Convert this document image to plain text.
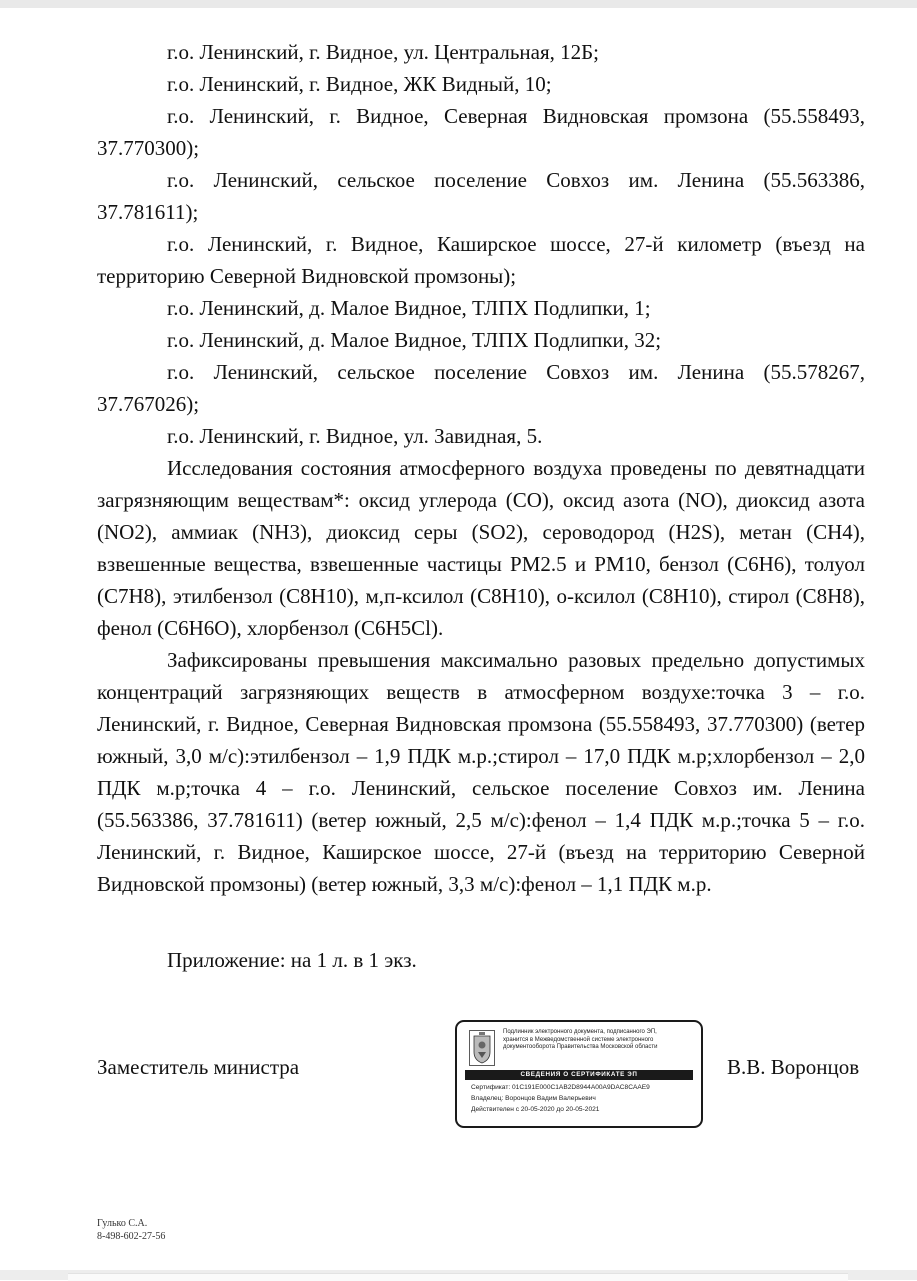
г.о. Ленинский, г. Видное, ул. Центральная, 12Б;

г.о. Ленинский, г. Видное, ЖК Видный, 10;

г.о. Ленинский, г. Видное, Северная Видновская промзона (55.558493, 37.770300);

г.о. Ленинский, сельское поселение Совхоз им. Ленина (55.563386, 37.781611);

г.о. Ленинский, г. Видное, Каширское шоссе, 27-й километр (въезд на территорию Северной Видновской промзоны);

г.о. Ленинский, д. Малое Видное, ТЛПХ Подлипки, 1;

г.о. Ленинский, д. Малое Видное, ТЛПХ Подлипки, 32;

г.о. Ленинский, сельское поселение Совхоз им. Ленина (55.578267, 37.767026);

г.о. Ленинский, г. Видное, ул. Завидная, 5.

Исследования состояния атмосферного воздуха проведены по девятнадцати загрязняющим веществам*: оксид углерода (СО), оксид азота (NO), диоксид азота (NO2), аммиак (NH3), диоксид серы (SO2), сероводород (H2S), метан (CH4), взвешенные вещества, взвешенные частицы PM2.5 и PM10, бензол (C6H6), толуол (C7H8), этилбензол (C8H10), м,п-ксилол (C8H10), о-ксилол (C8H10), стирол (C8H8), фенол (C6H6O), хлорбензол (C6H5Cl).

Зафиксированы превышения максимально разовых предельно допустимых концентраций загрязняющих веществ в атмосферном воздухе:точка 3 – г.о. Ленинский, г. Видное, Северная Видновская промзона (55.558493, 37.770300) (ветер южный, 3,0 м/с):этилбензол – 1,9 ПДК м.р.;стирол – 17,0 ПДК м.р;хлорбензол – 2,0 ПДК м.р;точка 4 – г.о. Ленинский, сельское поселение Совхоз им. Ленина (55.563386, 37.781611) (ветер южный, 2,5 м/с):фенол – 1,4 ПДК м.р.;точка 5 – г.о. Ленинский, г. Видное, Каширское шоссе, 27-й (въезд на территорию Северной Видновской промзоны) (ветер южный, 3,3 м/с):фенол – 1,1 ПДК м.р.

Приложение: на 1 л. в 1 экз.
Заместитель министра
Подлинник электронного документа, подписанного ЭП,
хранится в Межведомственной системе электронного
документооборота Правительства Московской области
СВЕДЕНИЯ О СЕРТИФИКАТЕ ЭП
Сертификат: 01C191E000C1AB2D8944A00A9DAC8CAAE9
Владелец: Воронцов Вадим Валерьевич
Действителен с 20-05-2020 до 20-05-2021
В.В. Воронцов
Гулько С.А.
8-498-602-27-56
